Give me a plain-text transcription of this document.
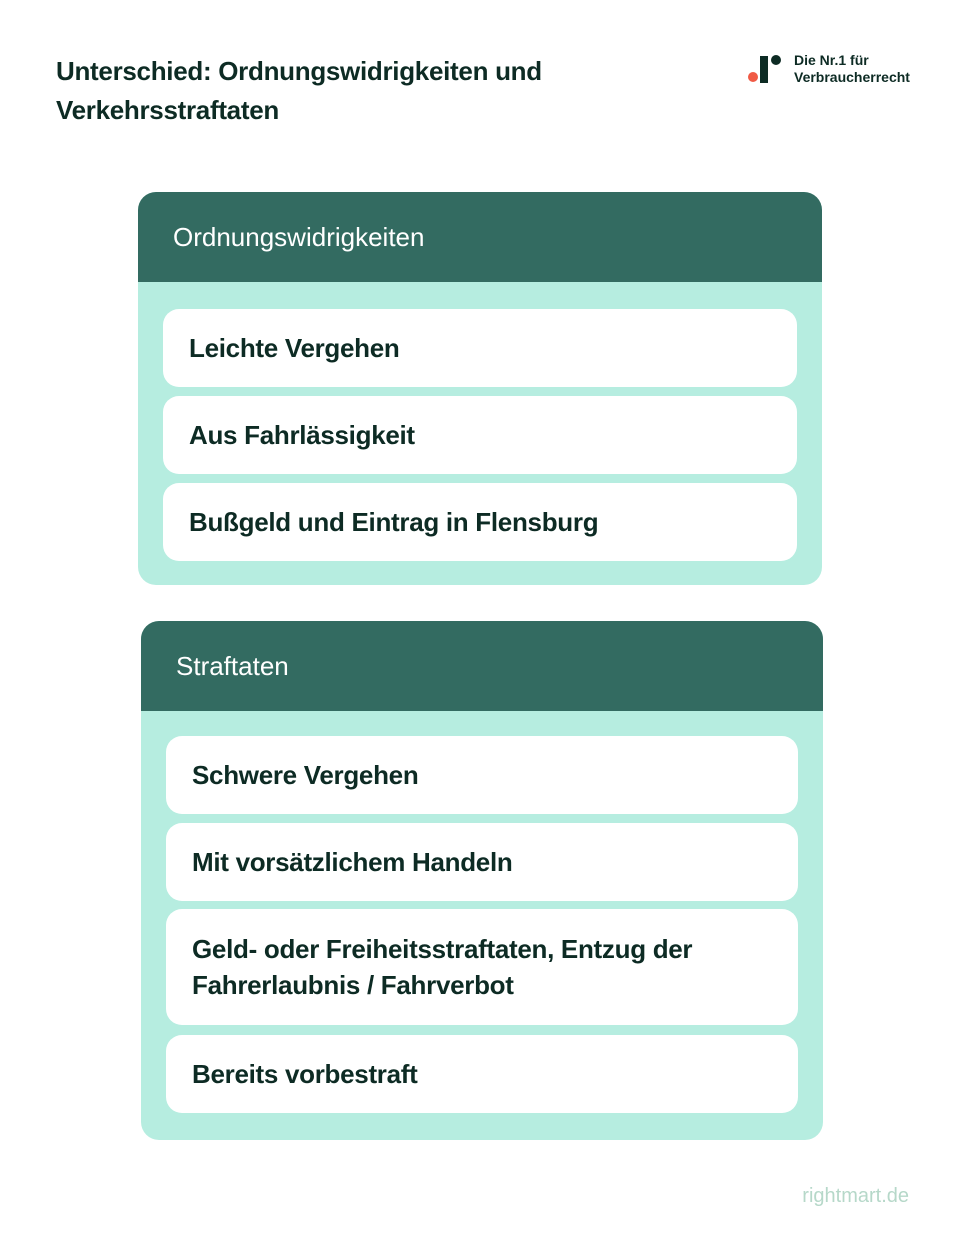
Unterschied: Ordnungswidrigkeiten und Verkehrsstraftaten
Die Nr.1 für
Verbraucherrecht
Ordnungswidrigkeiten
Leichte Vergehen
Aus Fahrlässigkeit
Bußgeld und Eintrag in Flensburg
Straftaten
Schwere Vergehen
Mit vorsätzlichem Handeln
Geld- oder Freiheitsstraftaten, Entzug der Fahrerlaubnis / Fahrverbot
Bereits vorbestraft
rightmart.de
